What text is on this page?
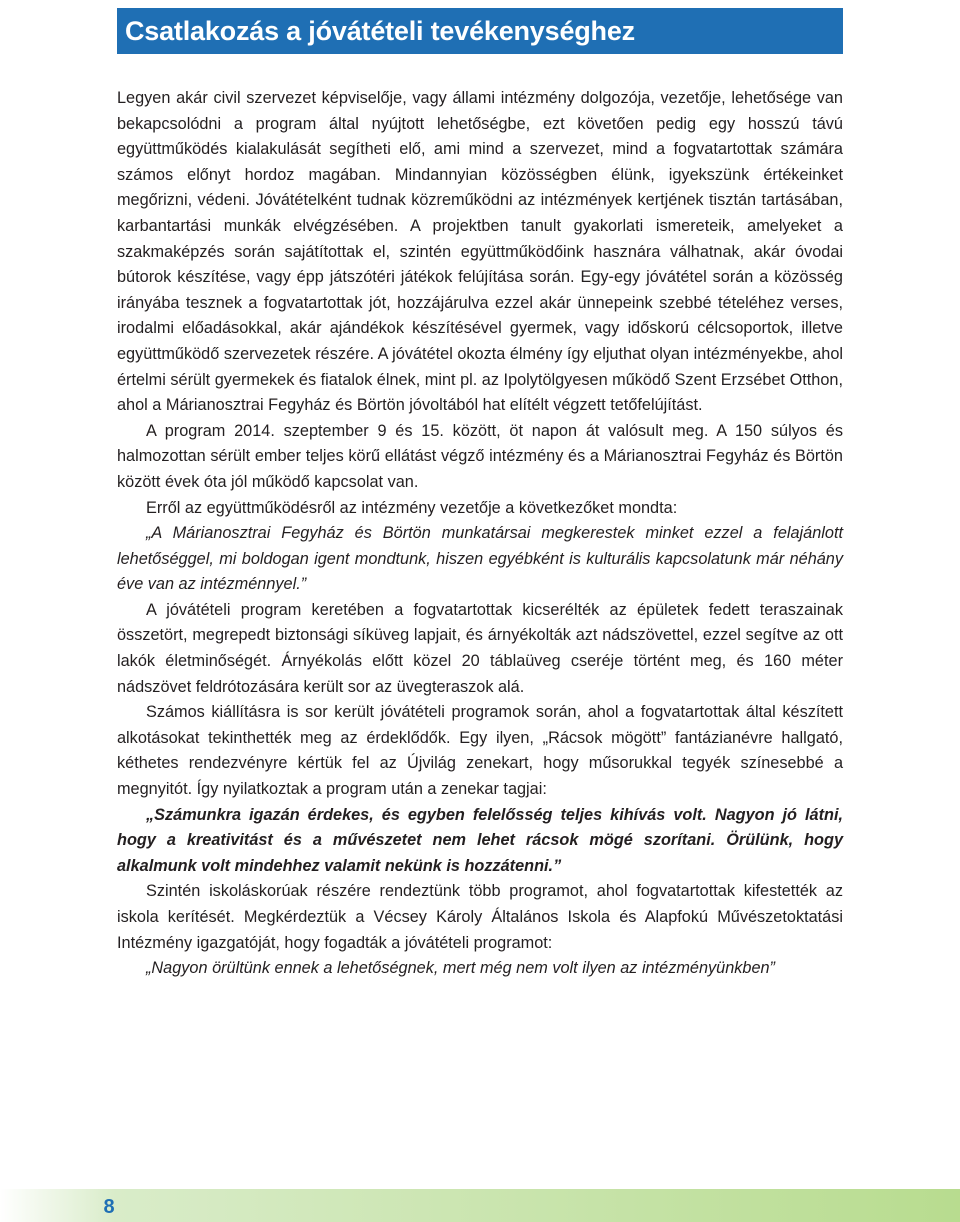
Csatlakozás a jóvátételi tevékenységhez

Legyen akár civil szervezet képviselője, vagy állami intézmény dolgozója, vezetője, lehetősége van bekapcsolódni a program által nyújtott lehetőségbe, ezt követően pedig egy hosszú távú együttműködés kialakulását segítheti elő, ami mind a szervezet, mind a fogvatartottak számára számos előnyt hordoz magában. Mindannyian közösségben élünk, igyekszünk értékeinket megőrizni, védeni. Jóvátételként tudnak közreműködni az intézmények kertjének tisztán tartásában, karbantartási munkák elvégzésében. A projektben tanult gyakorlati ismereteik, amelyeket a szakmaképzés során sajátítottak el, szintén együttműködőink hasznára válhatnak, akár óvodai bútorok készítése, vagy épp játszótéri játékok felújítása során. Egy-egy jóvátétel során a közösség irányába tesznek a fogvatartottak jót, hozzájárulva ezzel akár ünnepeink szebbé tételéhez verses, irodalmi előadásokkal, akár ajándékok készítésével gyermek, vagy időskorú célcsoportok, illetve együttműködő szervezetek részére. A jóvátétel okozta élmény így eljuthat olyan intézményekbe, ahol értelmi sérült gyermekek és fiatalok élnek, mint pl. az Ipolytölgyesen működő Szent Erzsébet Otthon, ahol a Márianosztrai Fegyház és Börtön jóvoltából hat elítélt végzett tetőfelújítást.

A program 2014. szeptember 9 és 15. között, öt napon át valósult meg. A 150 súlyos és halmozottan sérült ember teljes körű ellátást végző intézmény és a Márianosztrai Fegyház és Börtön között évek óta jól működő kapcsolat van.

Erről az együttműködésről az intézmény vezetője a következőket mondta:

„A Márianosztrai Fegyház és Börtön munkatársai megkerestek minket ezzel a felajánlott lehetőséggel, mi boldogan igent mondtunk, hiszen egyébként is kulturális kapcsolatunk már néhány éve van az intézménnyel.”

A jóvátételi program keretében a fogvatartottak kicserélték az épületek fedett teraszainak összetört, megrepedt biztonsági síküveg lapjait, és árnyékolták azt nádszövettel, ezzel segítve az ott lakók életminőségét. Árnyékolás előtt közel 20 táblaüveg cseréje történt meg, és 160 méter nádszövet feldrótozására került sor az üvegteraszok alá.

Számos kiállításra is sor került jóvátételi programok során, ahol a fogvatartottak által készített alkotásokat tekinthették meg az érdeklődők. Egy ilyen, „Rácsok mögött” fantázianévre hallgató, kéthetes rendezvényre kértük fel az Újvilág zenekart, hogy műsorukkal tegyék színesebbé a megnyitót. Így nyilatkoztak a program után a zenekar tagjai:

„Számunkra igazán érdekes, és egyben felelősség teljes kihívás volt. Nagyon jó látni, hogy a kreativitást és a művészetet nem lehet rácsok mögé szorítani. Örülünk, hogy alkalmunk volt mindehhez valamit nekünk is hozzátenni.”

Szintén iskoláskorúak részére rendeztünk több programot, ahol fogvatartottak kifestették az iskola kerítését. Megkérdeztük a Vécsey Károly Általános Iskola és Alapfokú Művészetoktatási Intézmény igazgatóját, hogy fogadták a jóvátételi programot:

„Nagyon örültünk ennek a lehetőségnek, mert még nem volt ilyen az intézményünkben”

8
